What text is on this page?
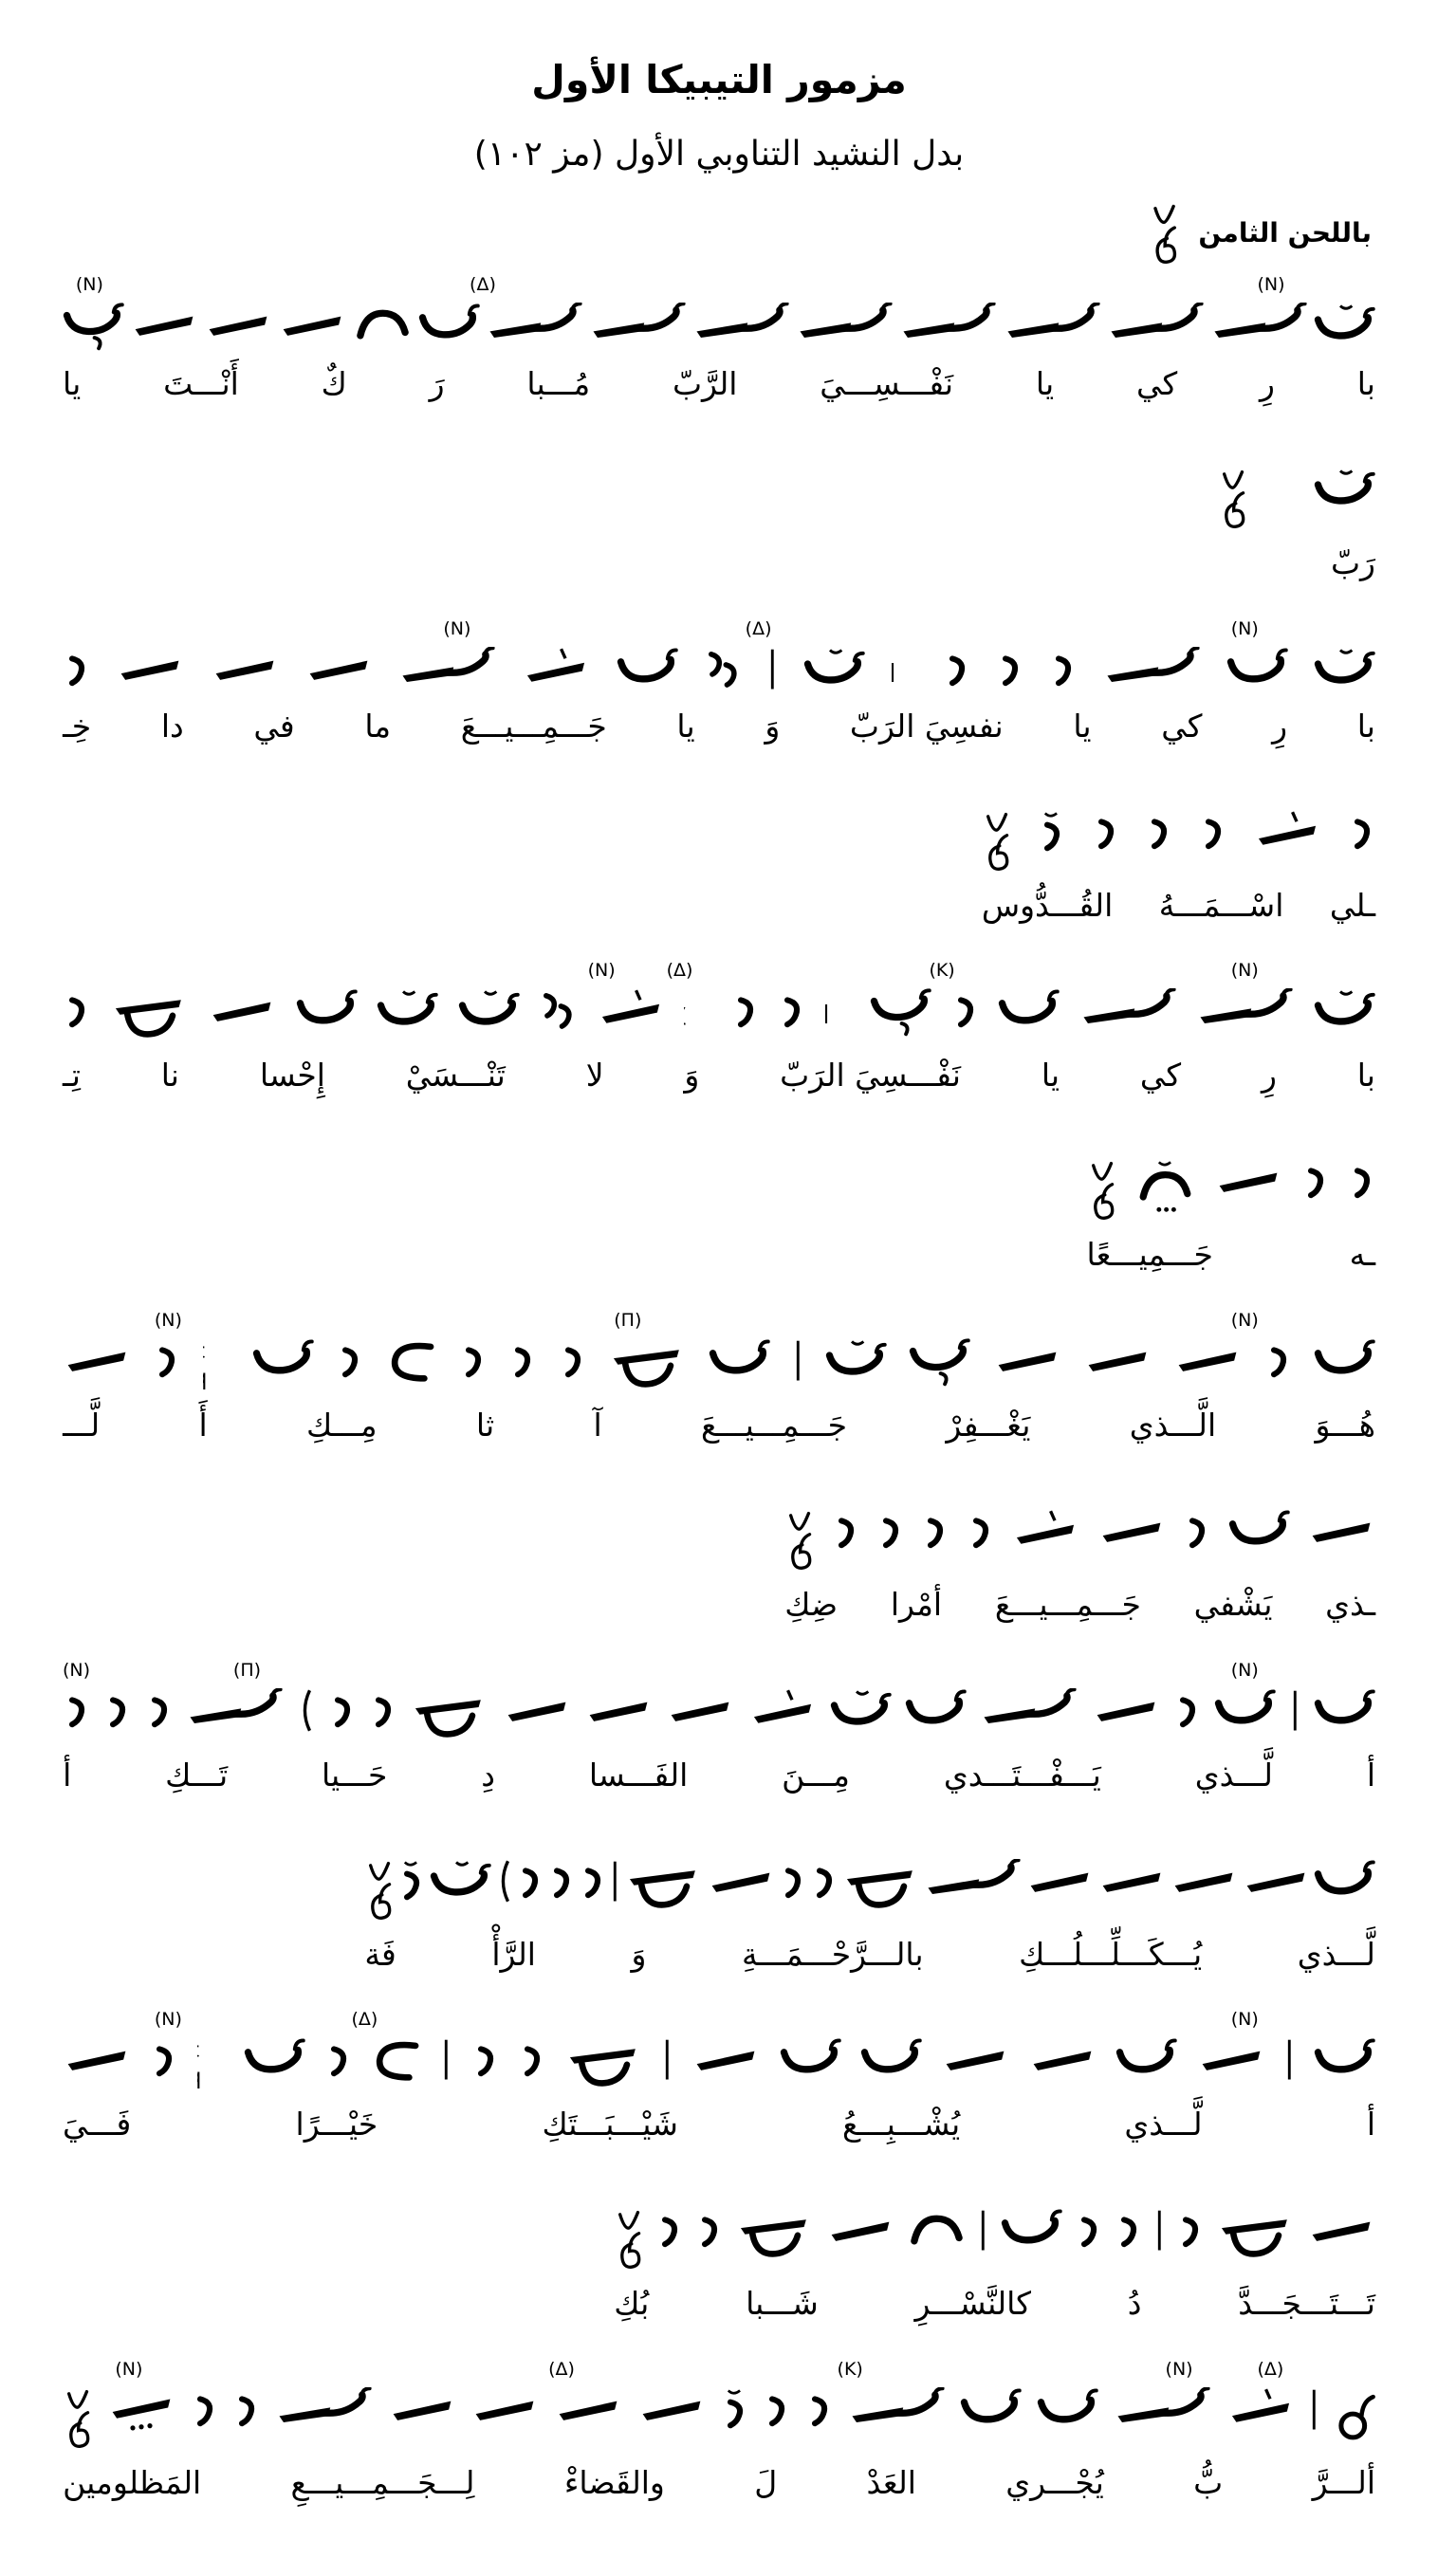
مزمور التيبيكا الأول
بدل النشيد التناوبي الأول (مز ١٠٢)
باللحن الثامن
(N)	(Δ)	(N)
با
رِ
كي
يا
نَفْـــسِـــيَ
الرَّبّ
مُـــبا
رَ
كٌ
أَنْـــتَ
يا
رَبّ
(N)	(Δ)	(N)
با
رِ
كي
يا
نفسِيَ الرَبّ
وَ
يا
جَـــمِـــيـــعَ
ما
في
دا
خِـ
ـلي
اسْـــمَـــهُ
القُـــدُّوس
(N)	(Δ)	(K)	(N)
با
رِ
كي
يا
نَفْـــسِيَ الرَبّ
وَ
لا
تَنْـــسَيْ
إِحْسا
نا
تِـ
ـه
جَـــمِيـــعًا
(N)	(Π)	(N)
هُـــوَ
الَّـــذي
يَغْـــفِرْ
جَـــمِـــيـــعَ
آ
ثا
مِـــكِ
أَ
لَّـــ
ـذي
يَشْفي
جَـــمِـــيـــعَ
أمْرا
ضِكِ
(N)	(Π)	(N)
أ
لَّـــذي
يَـــفْـــتَـــدي
مِـــنَ
الفَـــسا
دِ
حَـــيا
تَـــكِ
أ
لَّـــذي
يُـــكَـــلِّـــلُـــكِ
بالـــرَّحْـــمَـــةِ
وَ
الرَّأْ
فَة
(N)	(Δ)	(N)
أ
لَّـــذي
يُشْـــبِـــعُ
شَيْـــبَـــتَكِ
خَيْـــرًا
فَـــيَ
تَـــتَـــجَـــدَّ
دُ
كالنَّسْـــرِ
شَـــبا
بُكِ
(Δ)
(N)
(K)
(Δ)
(N)
ألـــرَّ
بُّ
يُجْـــري
العَدْ
لَ
والقَضاءْ
لِـــجَـــمِـــيـــعِ
المَظلومين
